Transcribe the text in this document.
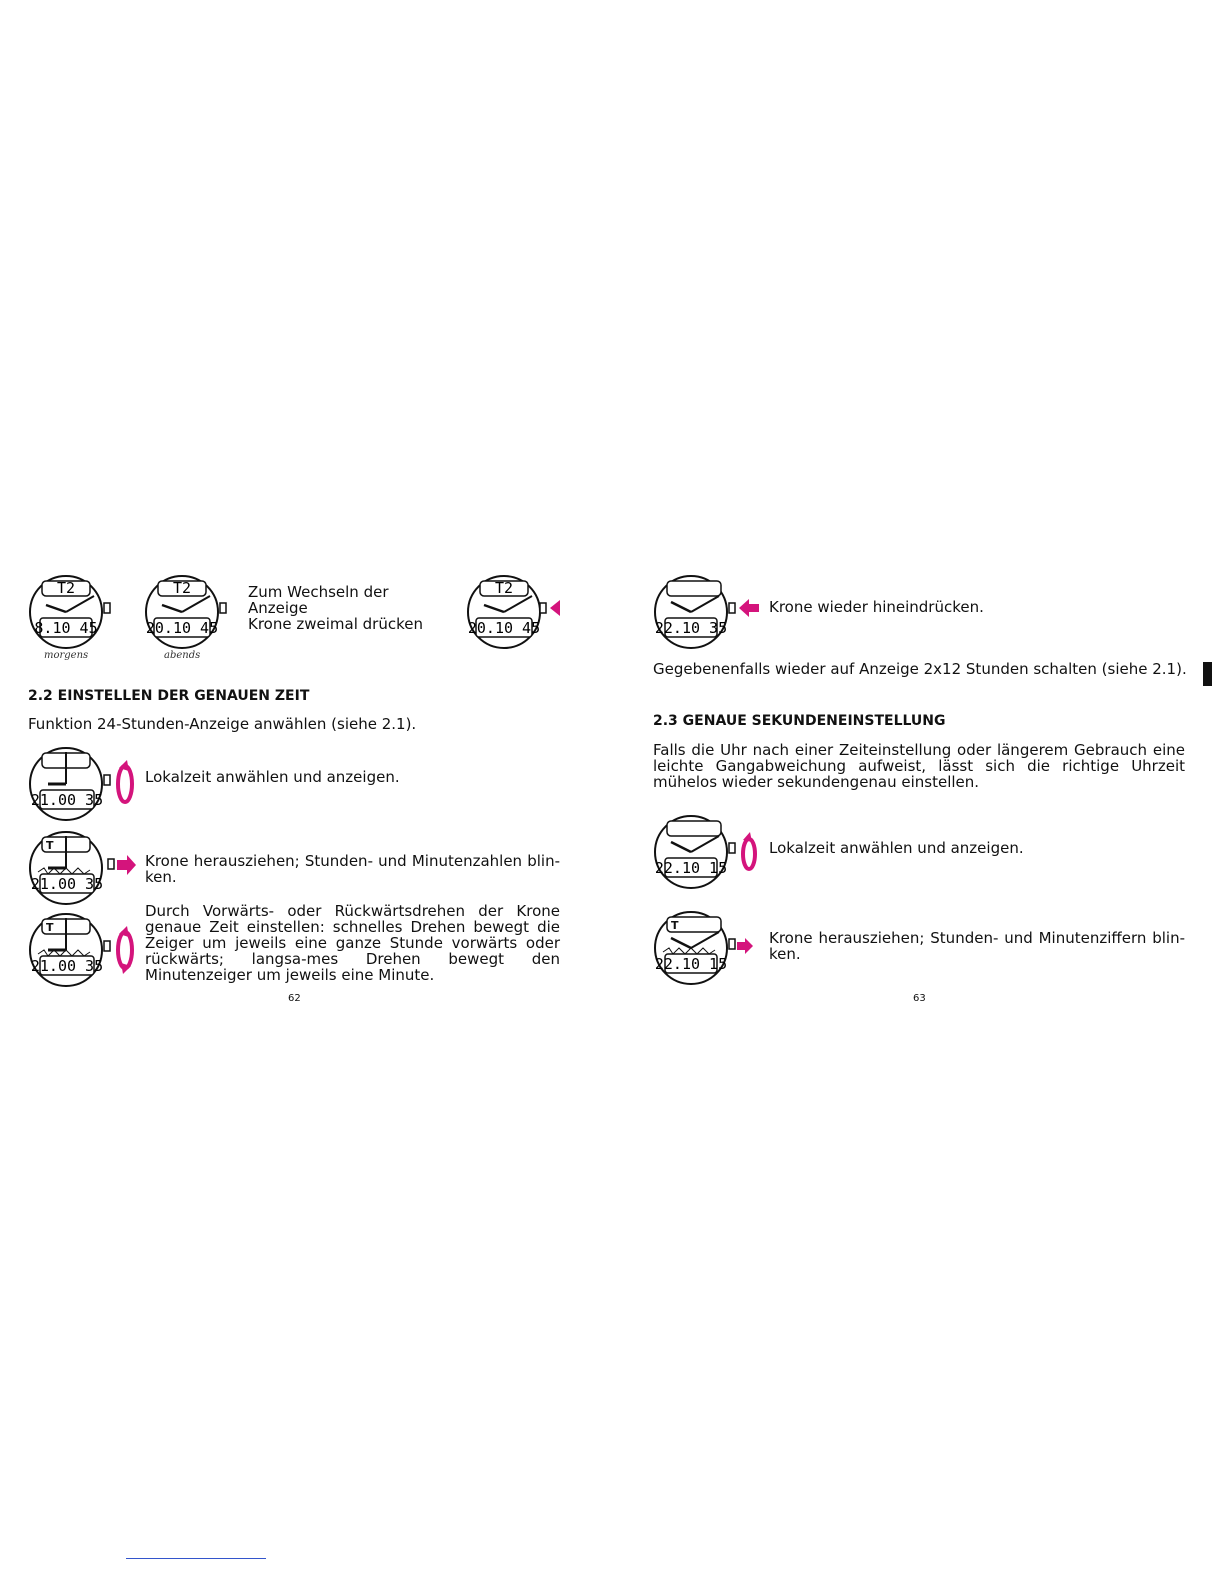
T2
8.10 45
morgens
T2
20.10 45
abends
Zum Wechseln der Anzeige
Krone zweimal drücken
T2
20.10 45
2.2 EINSTELLEN DER GENAUEN ZEIT
Funktion 24-Stunden-Anzeige anwählen (siehe 2.1).
21.00 35
Lokalzeit anwählen und anzeigen.
T
21.00 35
Krone herausziehen; Stunden- und Minutenzahlen blin-ken.
T
21.00 35
Durch Vorwärts- oder Rückwärtsdrehen der Krone genaue Zeit einstellen: schnelles Drehen bewegt die Zeiger um jeweils eine ganze Stunde vorwärts oder rückwärts; langsa-mes Drehen bewegt den Minutenzeiger um jeweils eine Minute.
62
22.10 35
Krone wieder hineindrücken.
Gegebenenfalls wieder auf Anzeige 2x12 Stunden schalten (siehe 2.1).
2.3 GENAUE SEKUNDENEINSTELLUNG
Falls die Uhr nach einer Zeiteinstellung oder längerem Gebrauch eine leichte Gangabweichung aufweist, lässt sich die richtige Uhrzeit mühelos wieder sekundengenau einstellen.
22.10 15
Lokalzeit anwählen und anzeigen.
T
22.10 15
Krone herausziehen; Stunden- und Minutenziffern blin-ken.
63
